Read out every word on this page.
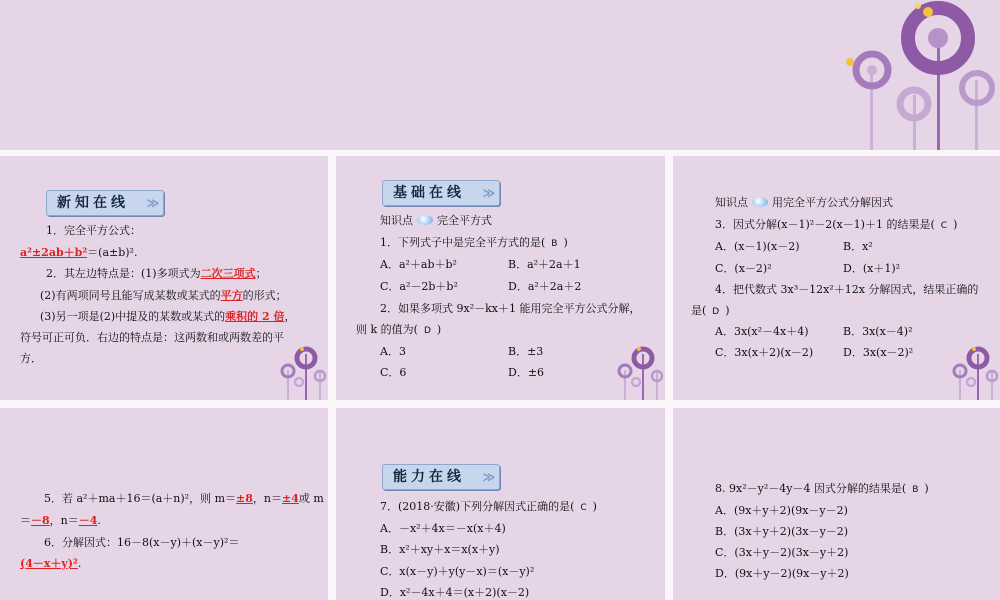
新知在线 ≫
1．完全平方公式：
a²±2ab＋b²＝(a±b)².
2．其左边特点是：(1)多项式为二次三项式；
(2)有两项同号且能写成某数或某式的平方的形式；
(3)另一项是(2)中提及的某数或某式的乘积的 2 倍，
符号可正可负．右边的特点是：这两数和或两数差的平
方．
基础在线 ≫
知识点 完全平方式
1．下列式子中是完全平方式的是( B )
A．a²＋ab＋b²	B．a²＋2a＋1
C．a²－2b＋b²	D．a²＋2a＋2
2．如果多项式 9x²－kx＋1 能用完全平方公式分解，
则 k 的值为( D )
A．3	B．±3
C．6	D．±6
知识点 用完全平方公式分解因式
3．因式分解(x－1)²－2(x－1)＋1 的结果是( C )
A．(x－1)(x－2)	B．x²
C．(x－2)²	D．(x＋1)²
4．把代数式 3x³－12x²＋12x 分解因式，结果正确的
是( D )
A．3x(x²－4x＋4)	B．3x(x－4)²
C．3x(x＋2)(x－2)	D．3x(x－2)²
5．若 a²＋ma＋16＝(a＋n)²，则 m＝±8，n＝±4或 m
＝－8，n＝－4.
6．分解因式：16－8(x－y)＋(x－y)²＝
(4－x＋y)².
能力在线 ≫
7．(2018·安徽)下列分解因式正确的是( C )
A．－x²＋4x＝－x(x＋4)
B．x²＋xy＋x＝x(x＋y)
C．x(x－y)＋y(y－x)＝(x－y)²
D．x²－4x＋4＝(x＋2)(x－2)
8. 9x²－y²－4y－4 因式分解的结果是( B )
A．(9x＋y＋2)(9x－y－2)
B．(3x＋y＋2)(3x－y－2)
C．(3x＋y－2)(3x－y＋2)
D．(9x＋y－2)(9x－y＋2)
